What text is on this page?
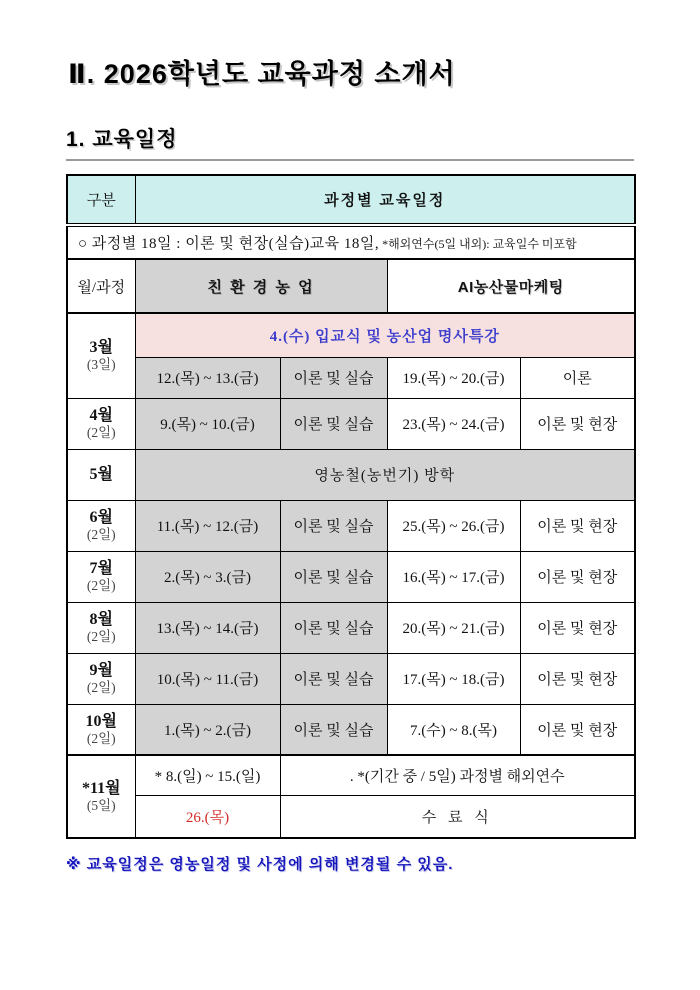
Ⅱ. 2026학년도 교육과정 소개서
1. 교육일정
구분	과정별 교육일정			
○ 과정별 18일 : 이론 및 현장(실습)교육 18일, *해외연수(5일 내외): 교육일수 미포함				
월/과정	친 환 경 농 업		AI농산물마케팅	

3월
(3일)	4.(수) 입교식 및 농산업 명사특강			
	12.(목) ~ 13.(금)	이론 및 실습	19.(목) ~ 20.(금)	이론

4월
(2일)	9.(목) ~ 10.(금)	이론 및 실습	23.(목) ~ 24.(금)	이론 및 현장

5월	영농철(농번기) 방학			

6월
(2일)	11.(목) ~ 12.(금)	이론 및 실습	25.(목) ~ 26.(금)	이론 및 현장

7월
(2일)	2.(목) ~ 3.(금)	이론 및 실습	16.(목) ~ 17.(금)	이론 및 현장

8월
(2일)	13.(목) ~ 14.(금)	이론 및 실습	20.(목) ~ 21.(금)	이론 및 현장

9월
(2일)	10.(목) ~ 11.(금)	이론 및 실습	17.(목) ~ 18.(금)	이론 및 현장

10월
(2일)	1.(목) ~ 2.(금)	이론 및 실습	7.(수) ~ 8.(목)	이론 및 현장

*11월
(5일)	* 8.(일) ~ 15.(일)	. *(기간 중 / 5일) 과정별 해외연수		
	26.(목)	수 료 식		

※ 교육일정은 영농일정 및 사정에 의해 변경될 수 있음.
